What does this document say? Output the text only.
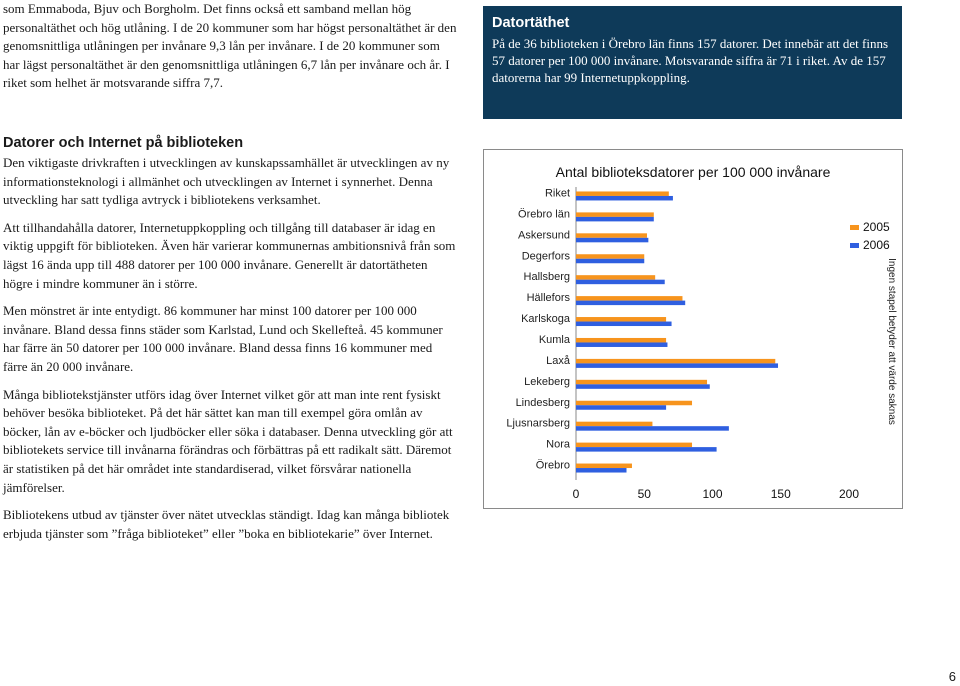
som Emmaboda, Bjuv och Borgholm. Det finns också ett samband mellan hög personaltäthet och hög utlåning. I de 20 kommuner som har högst personaltäthet är den genomsnittliga utlåningen per invånare 9,3 lån per invånare. I de 20 kommuner som har lägst personaltäthet är den genomsnittliga utlåningen 6,7 lån per invånare och år. I riket som helhet är motsvarande siffra 7,7.

Datorer och Internet på biblioteken

Den viktigaste drivkraften i utvecklingen av kunskapssamhället är utvecklingen av ny informationsteknologi i allmänhet och utvecklingen av Internet i synnerhet. Denna utveckling har satt tydliga avtryck i bibliotekens verksamhet.

Att tillhandahålla datorer, Internetuppkoppling och tillgång till databaser är idag en viktig uppgift för biblioteken. Även här varierar kommunernas ambitionsnivå från som lägst 16 ända upp till 488 datorer per 100 000 invånare. Generellt är datortätheten högre i mindre kommuner än i större.

Men mönstret är inte entydigt. 86 kommuner har minst 100 datorer per 100 000 invånare. Bland dessa finns städer som Karlstad, Lund och Skellefteå. 45 kommuner har färre än 50 datorer per 100 000 invånare. Bland dessa finns 16 kommuner med färre än 20 000 invånare.

Många bibliotekstjänster utförs idag över Internet vilket gör att man inte rent fysiskt behöver besöka biblioteket. På det här sättet kan man till exempel göra omlån av böcker, lån av e-böcker och ljudböcker eller söka i databaser. Denna utveckling gör att bibliotekets service till invånarna förändras och förbättras på ett radikalt sätt. Däremot är statistiken på det här området inte standardiserad, vilket försvårar nationella jämförelser.

Bibliotekens utbud av tjänster över nätet utvecklas ständigt. Idag kan många bibliotek erbjuda tjänster som ”fråga biblioteket” eller ”boka en bibliotekarie” över Internet.

Datortäthet

På de 36 biblioteken i Örebro län finns 157 datorer. Det innebär att det finns 57 datorer per 100 000 invånare. Motsvarande siffra är 71 i riket. Av de 157 datorerna har 99 Internetuppkoppling.

Antal biblioteksdatorer per 100 000 invånare
Riket
Örebro län
Askersund
Degerfors
Hallsberg
Hällefors
Karlskoga
Kumla
Laxå
Lekeberg
Lindesberg
Ljusnarsberg
Nora
Örebro
0	50	100	150	200
2005
2006
Ingen stapel betyder att värde saknas
6
